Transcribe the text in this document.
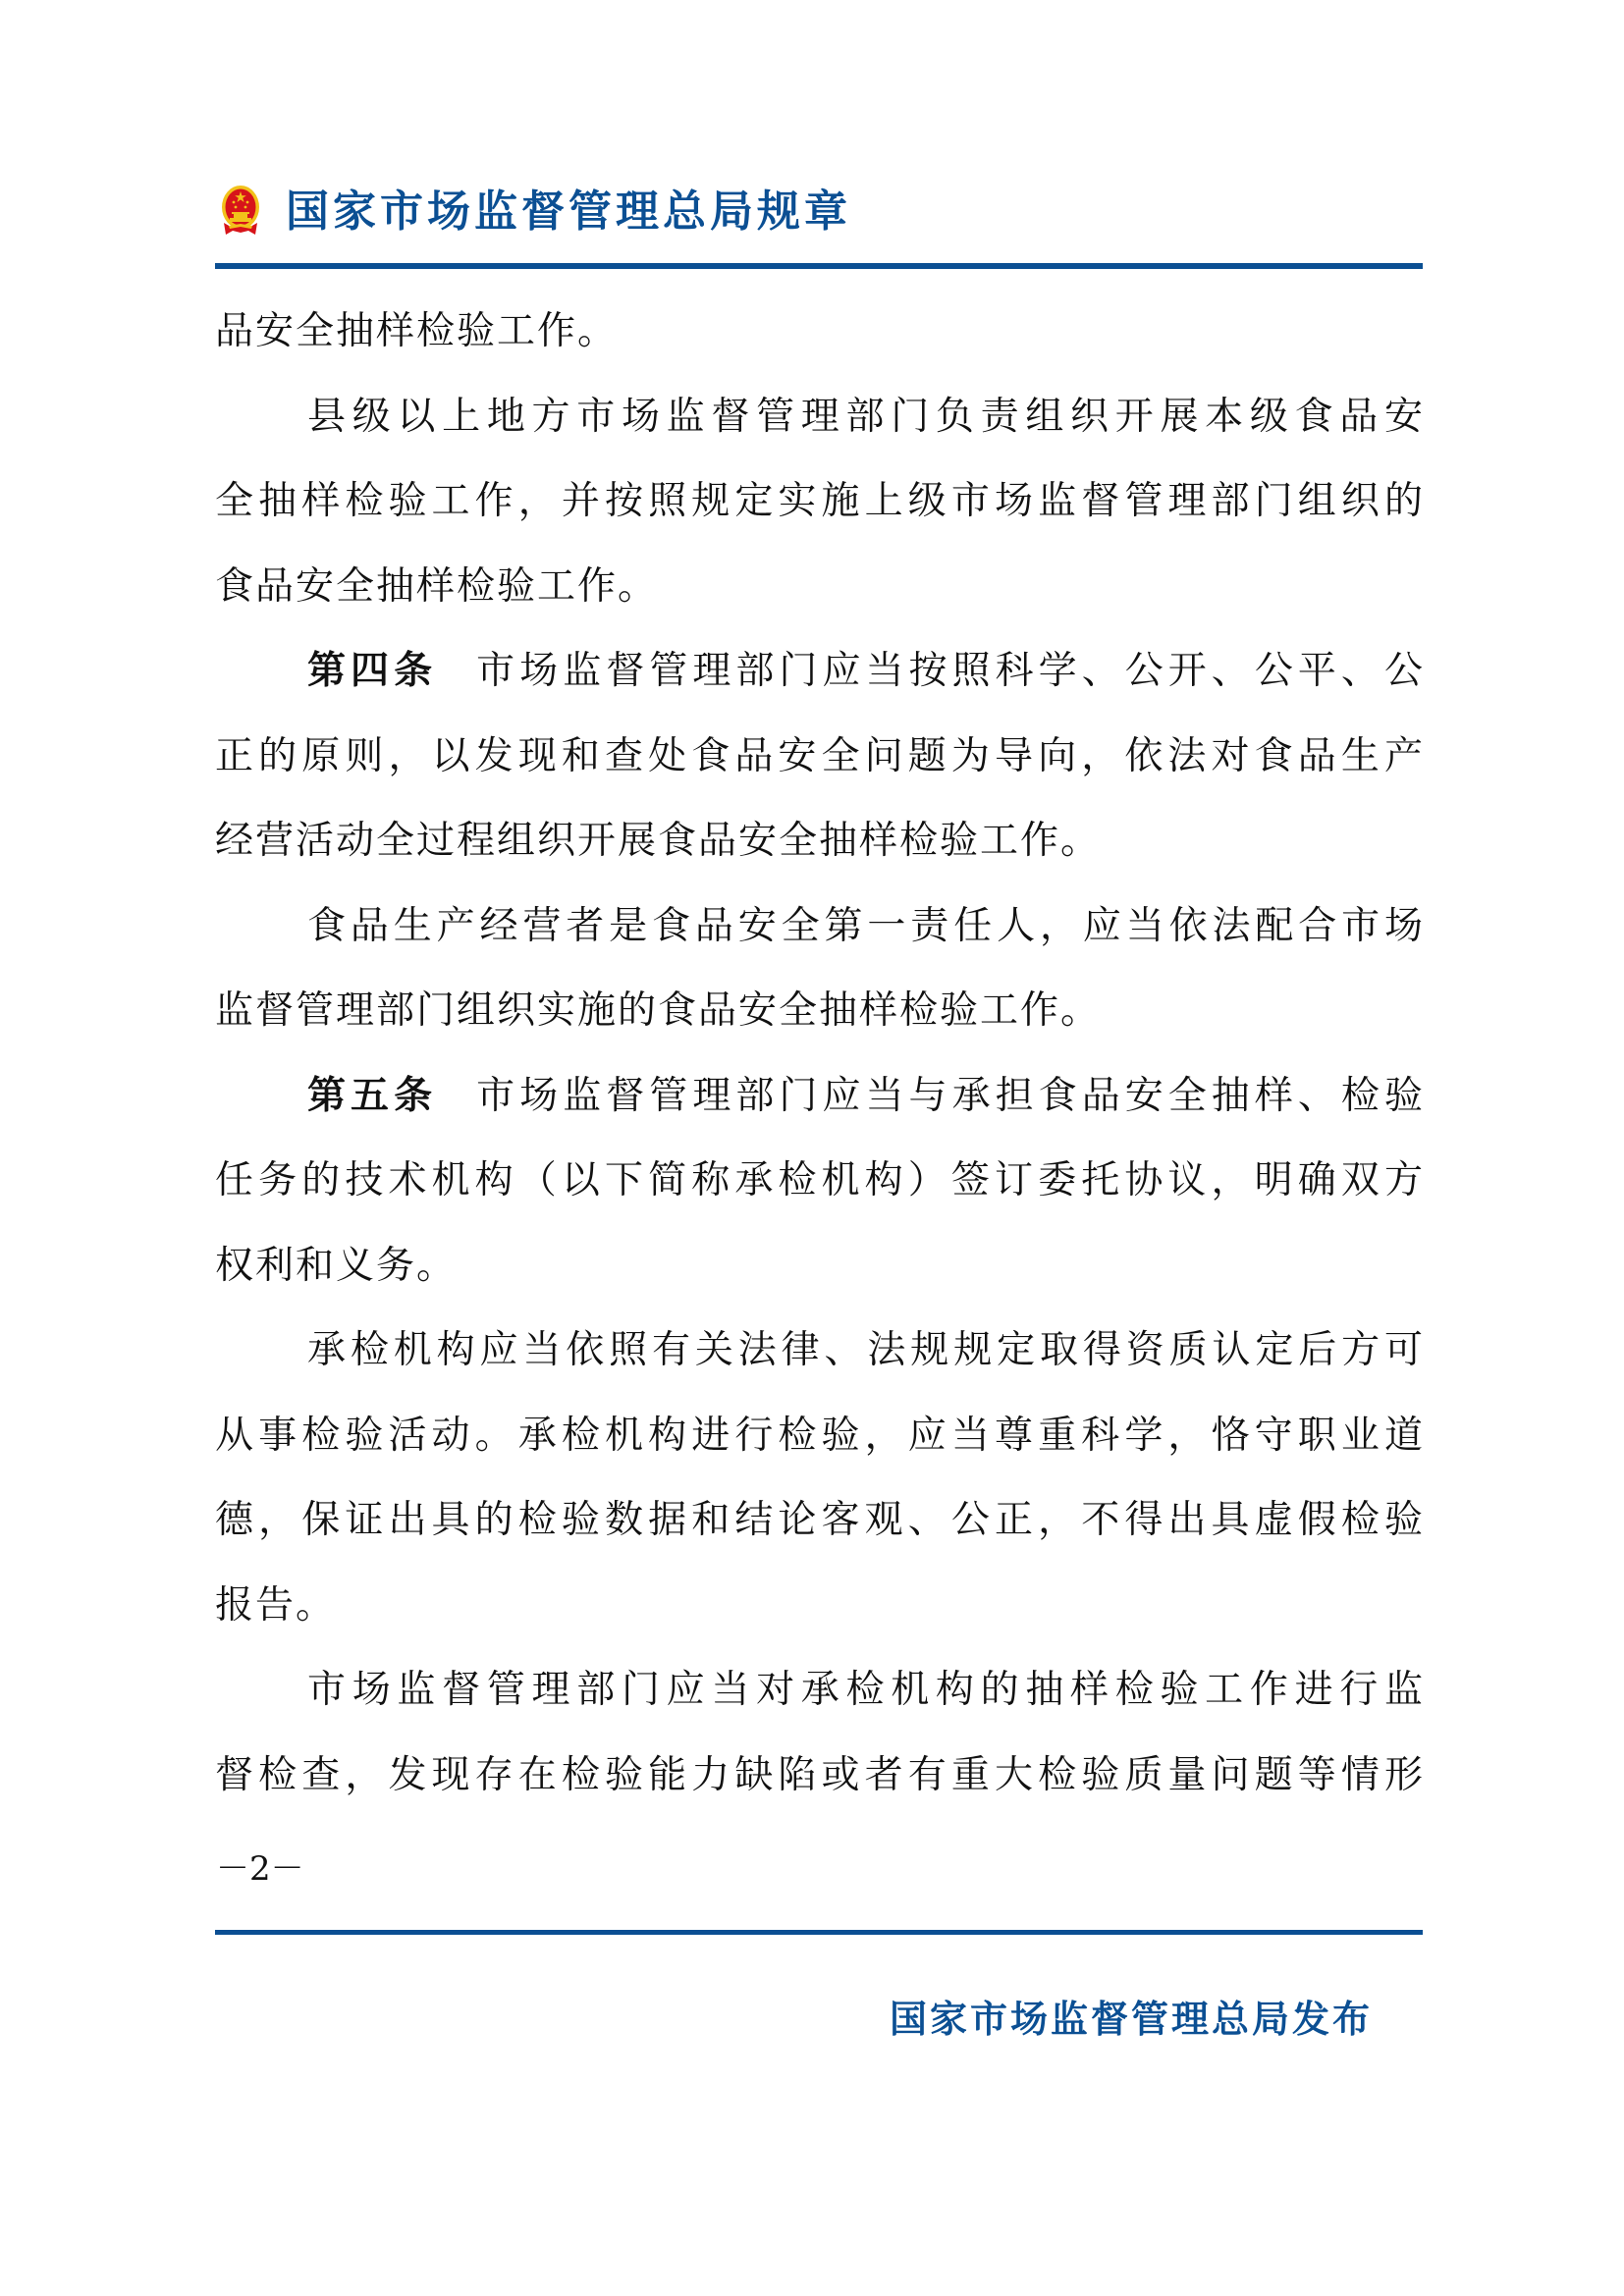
国家市场监督管理总局规章
品安全抽样检验工作。
县级以上地方市场监督管理部门负责组织开展本级食品安
全抽样检验工作，并按照规定实施上级市场监督管理部门组织的
食品安全抽样检验工作。
第四条 市场监督管理部门应当按照科学、公开、公平、公
正的原则，以发现和查处食品安全问题为导向，依法对食品生产
经营活动全过程组织开展食品安全抽样检验工作。
食品生产经营者是食品安全第一责任人，应当依法配合市场
监督管理部门组织实施的食品安全抽样检验工作。
第五条 市场监督管理部门应当与承担食品安全抽样、检验
任务的技术机构（以下简称承检机构）签订委托协议，明确双方
权利和义务。
承检机构应当依照有关法律、法规规定取得资质认定后方可
从事检验活动。承检机构进行检验，应当尊重科学，恪守职业道
德，保证出具的检验数据和结论客观、公正，不得出具虚假检验
报告。
市场监督管理部门应当对承检机构的抽样检验工作进行监
督检查，发现存在检验能力缺陷或者有重大检验质量问题等情形
－2－
国家市场监督管理总局发布
